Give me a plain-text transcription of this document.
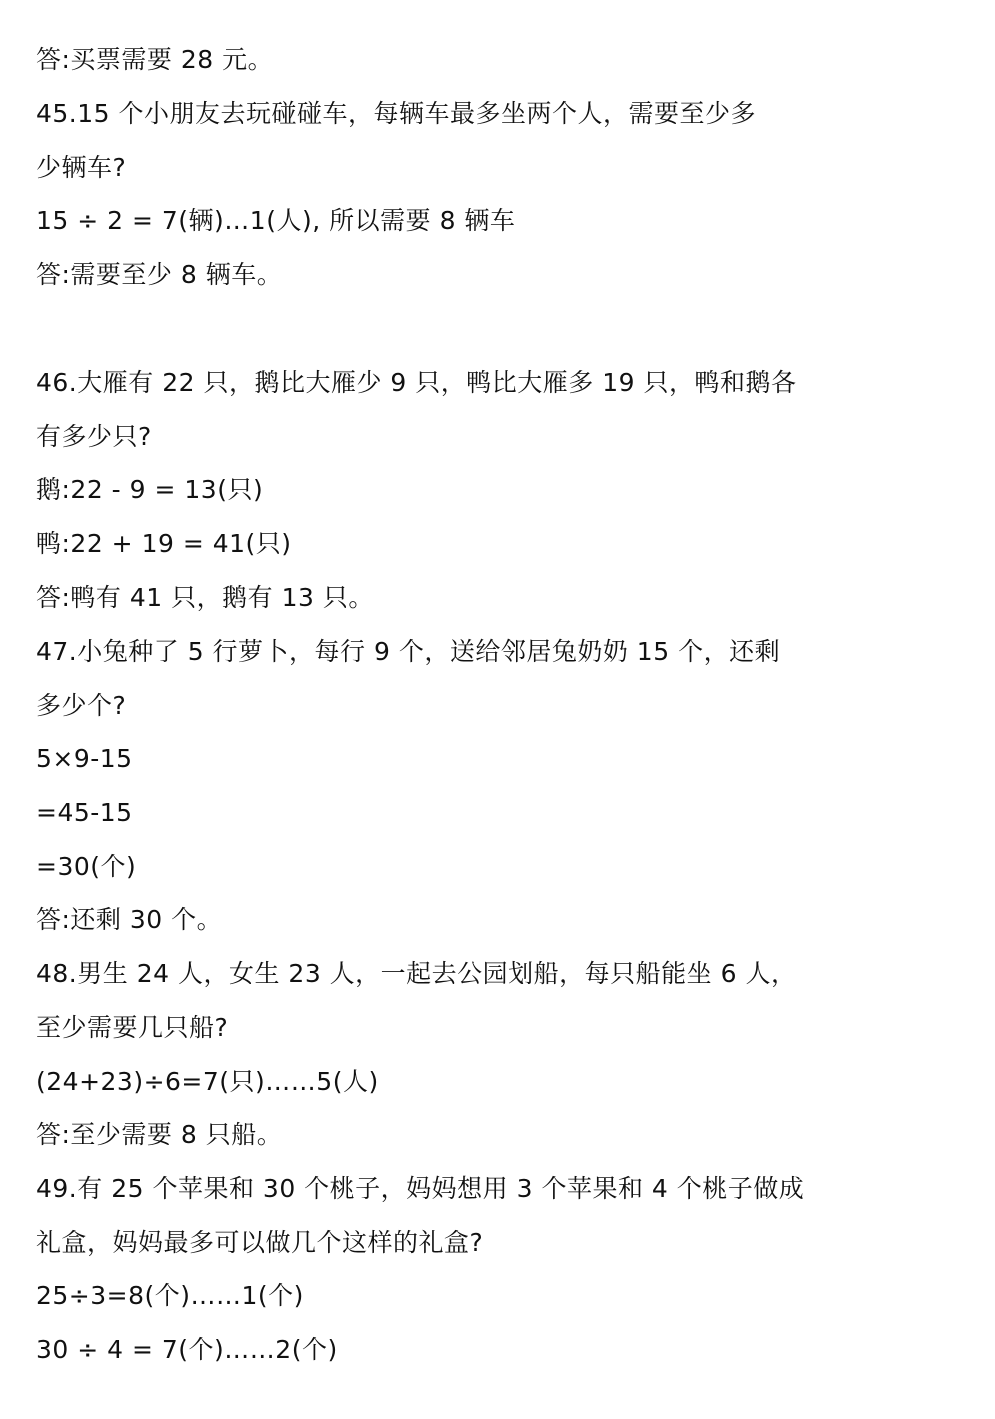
答:买票需要 28 元。
45.15 个小朋友去玩碰碰车，每辆车最多坐两个人，需要至少多
少辆车?
15 ÷ 2 = 7(辆)…1(人), 所以需要 8 辆车
答:需要至少 8 辆车。
46.大雁有 22 只，鹅比大雁少 9 只，鸭比大雁多 19 只，鸭和鹅各
有多少只?
鹅:22 - 9 = 13(只)
鸭:22 + 19 = 41(只)
答:鸭有 41 只，鹅有 13 只。
47.小兔种了 5 行萝卜，每行 9 个，送给邻居兔奶奶 15 个，还剩
多少个?
5×9-15
=45-15
=30(个)
答:还剩 30 个。
48.男生 24 人，女生 23 人，一起去公园划船，每只船能坐 6 人，
至少需要几只船?
(24+23)÷6=7(只)……5(人)
答:至少需要 8 只船。
49.有 25 个苹果和 30 个桃子，妈妈想用 3 个苹果和 4 个桃子做成
礼盒，妈妈最多可以做几个这样的礼盒?
25÷3=8(个)……1(个)
30 ÷ 4 = 7(个)……2(个)
